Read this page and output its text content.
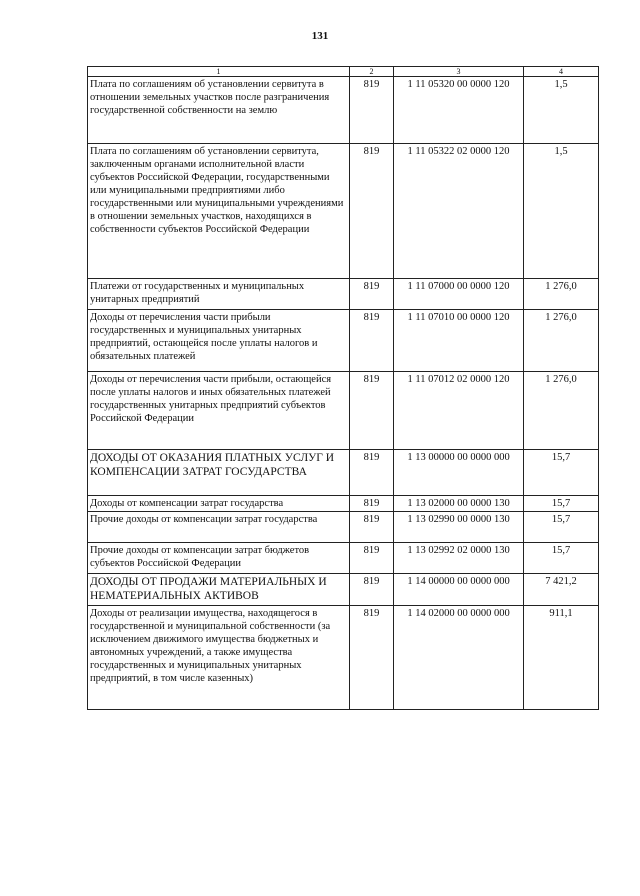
131
1	2	3	4
Плата по соглашениям об установлении сервитута в отношении земельных участков после разграничения государственной собственности на землю	819	1 11 05320 00 0000 120	1,5
Плата по соглашениям об установлении сервитута, заключенным органами исполнительной власти субъектов Российской Федерации, государственными или муниципальными предприятиями либо государственными или муниципальными учреждениями в отношении земельных участков, находящихся в собственности субъектов Российской Федерации	819	1 11 05322 02 0000 120	1,5
Платежи от государственных и муниципальных унитарных предприятий	819	1 11 07000 00 0000 120	1 276,0
Доходы от перечисления части прибыли государственных и муниципальных унитарных предприятий, остающейся после уплаты налогов и обязательных платежей	819	1 11 07010 00 0000 120	1 276,0
Доходы от перечисления части прибыли, остающейся после уплаты налогов и иных обязательных платежей государственных унитарных предприятий субъектов Российской Федерации	819	1 11 07012 02 0000 120	1 276,0
ДОХОДЫ ОТ ОКАЗАНИЯ ПЛАТНЫХ УСЛУГ И КОМПЕНСАЦИИ ЗАТРАТ ГОСУДАРСТВА	819	1 13 00000 00 0000 000	15,7
Доходы от компенсации затрат государства	819	1 13 02000 00 0000 130	15,7
Прочие доходы от компенсации затрат государства	819	1 13 02990 00 0000 130	15,7
Прочие доходы от компенсации затрат бюджетов субъектов Российской Федерации	819	1 13 02992 02 0000 130	15,7
ДОХОДЫ ОТ ПРОДАЖИ МАТЕРИАЛЬНЫХ И НЕМАТЕРИАЛЬНЫХ АКТИВОВ	819	1 14 00000 00 0000 000	7 421,2
Доходы от реализации имущества, находящегося в государственной и муниципальной собственности (за исключением движимого имущества бюджетных и автономных учреждений, а также имущества государственных и муниципальных унитарных предприятий, в том числе казенных)	819	1 14 02000 00 0000 000	911,1
